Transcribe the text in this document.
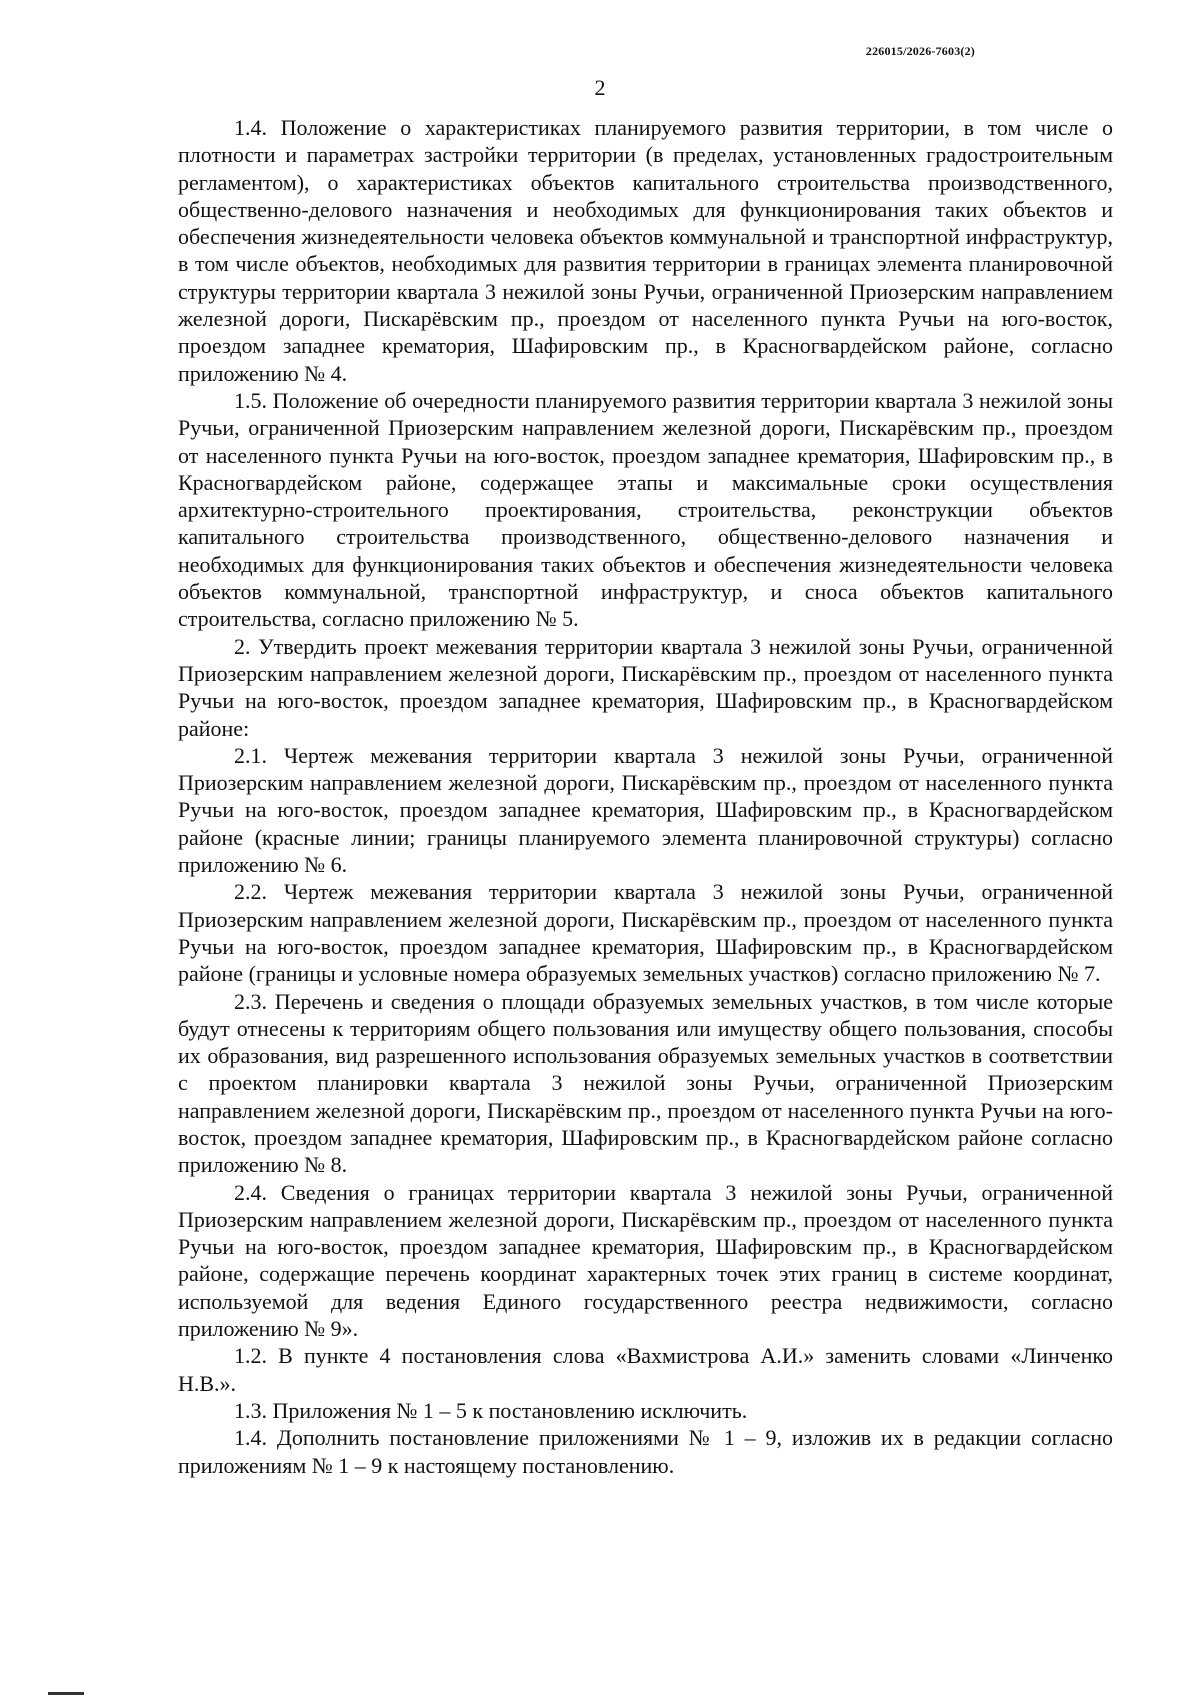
226015/2026-7603(2)
2

1.4. Положение о характеристиках планируемого развития территории, в том числе о плотности и параметрах застройки территории (в пределах, установленных градостроительным регламентом), о характеристиках объектов капитального строительства производственного, общественно-делового назначения и необходимых для функционирования таких объектов и обеспечения жизнедеятельности человека объектов коммунальной и транспортной инфраструктур, в том числе объектов, необходимых для развития территории в границах элемента планировочной структуры территории квартала 3 нежилой зоны Ручьи, ограниченной Приозерским направлением железной дороги, Пискарёвским пр., проездом от населенного пункта Ручьи на юго-восток, проездом западнее крематория, Шафировским пр., в Красногвардейском районе, согласно приложению № 4.

1.5. Положение об очередности планируемого развития территории квартала 3 нежилой зоны Ручьи, ограниченной Приозерским направлением железной дороги, Пискарёвским пр., проездом от населенного пункта Ручьи на юго-восток, проездом западнее крематория, Шафировским пр., в Красногвардейском районе, содержащее этапы и максимальные сроки осуществления архитектурно-строительного проектирования, строительства, реконструкции объектов капитального строительства производственного, общественно-делового назначения и необходимых для функционирования таких объектов и обеспечения жизнедеятельности человека объектов коммунальной, транспортной инфраструктур, и сноса объектов капитального строительства, согласно приложению № 5.

2. Утвердить проект межевания территории квартала 3 нежилой зоны Ручьи, ограниченной Приозерским направлением железной дороги, Пискарёвским пр., проездом от населенного пункта Ручьи на юго-восток, проездом западнее крематория, Шафировским пр., в Красногвардейском районе:

2.1. Чертеж межевания территории квартала 3 нежилой зоны Ручьи, ограниченной Приозерским направлением железной дороги, Пискарёвским пр., проездом от населенного пункта Ручьи на юго-восток, проездом западнее крематория, Шафировским пр., в Красногвардейском районе (красные линии; границы планируемого элемента планировочной структуры) согласно приложению № 6.

2.2. Чертеж межевания территории квартала 3 нежилой зоны Ручьи, ограниченной Приозерским направлением железной дороги, Пискарёвским пр., проездом от населенного пункта Ручьи на юго-восток, проездом западнее крематория, Шафировским пр., в Красногвардейском районе (границы и условные номера образуемых земельных участков) согласно приложению № 7.

2.3. Перечень и сведения о площади образуемых земельных участков, в том числе которые будут отнесены к территориям общего пользования или имуществу общего пользования, способы их образования, вид разрешенного использования образуемых земельных участков в соответствии с проектом планировки квартала 3 нежилой зоны Ручьи, ограниченной Приозерским направлением железной дороги, Пискарёвским пр., проездом от населенного пункта Ручьи на юго-восток, проездом западнее крематория, Шафировским пр., в Красногвардейском районе согласно приложению № 8.

2.4. Сведения о границах территории квартала 3 нежилой зоны Ручьи, ограниченной Приозерским направлением железной дороги, Пискарёвским пр., проездом от населенного пункта Ручьи на юго-восток, проездом западнее крематория, Шафировским пр., в Красногвардейском районе, содержащие перечень координат характерных точек этих границ в системе координат, используемой для ведения Единого государственного реестра недвижимости, согласно приложению № 9».

1.2. В пункте 4 постановления слова «Вахмистрова А.И.» заменить словами «Линченко Н.В.».

1.3. Приложения № 1 – 5 к постановлению исключить.

1.4. Дополнить постановление приложениями № 1 – 9, изложив их в редакции согласно приложениям № 1 – 9 к настоящему постановлению.
